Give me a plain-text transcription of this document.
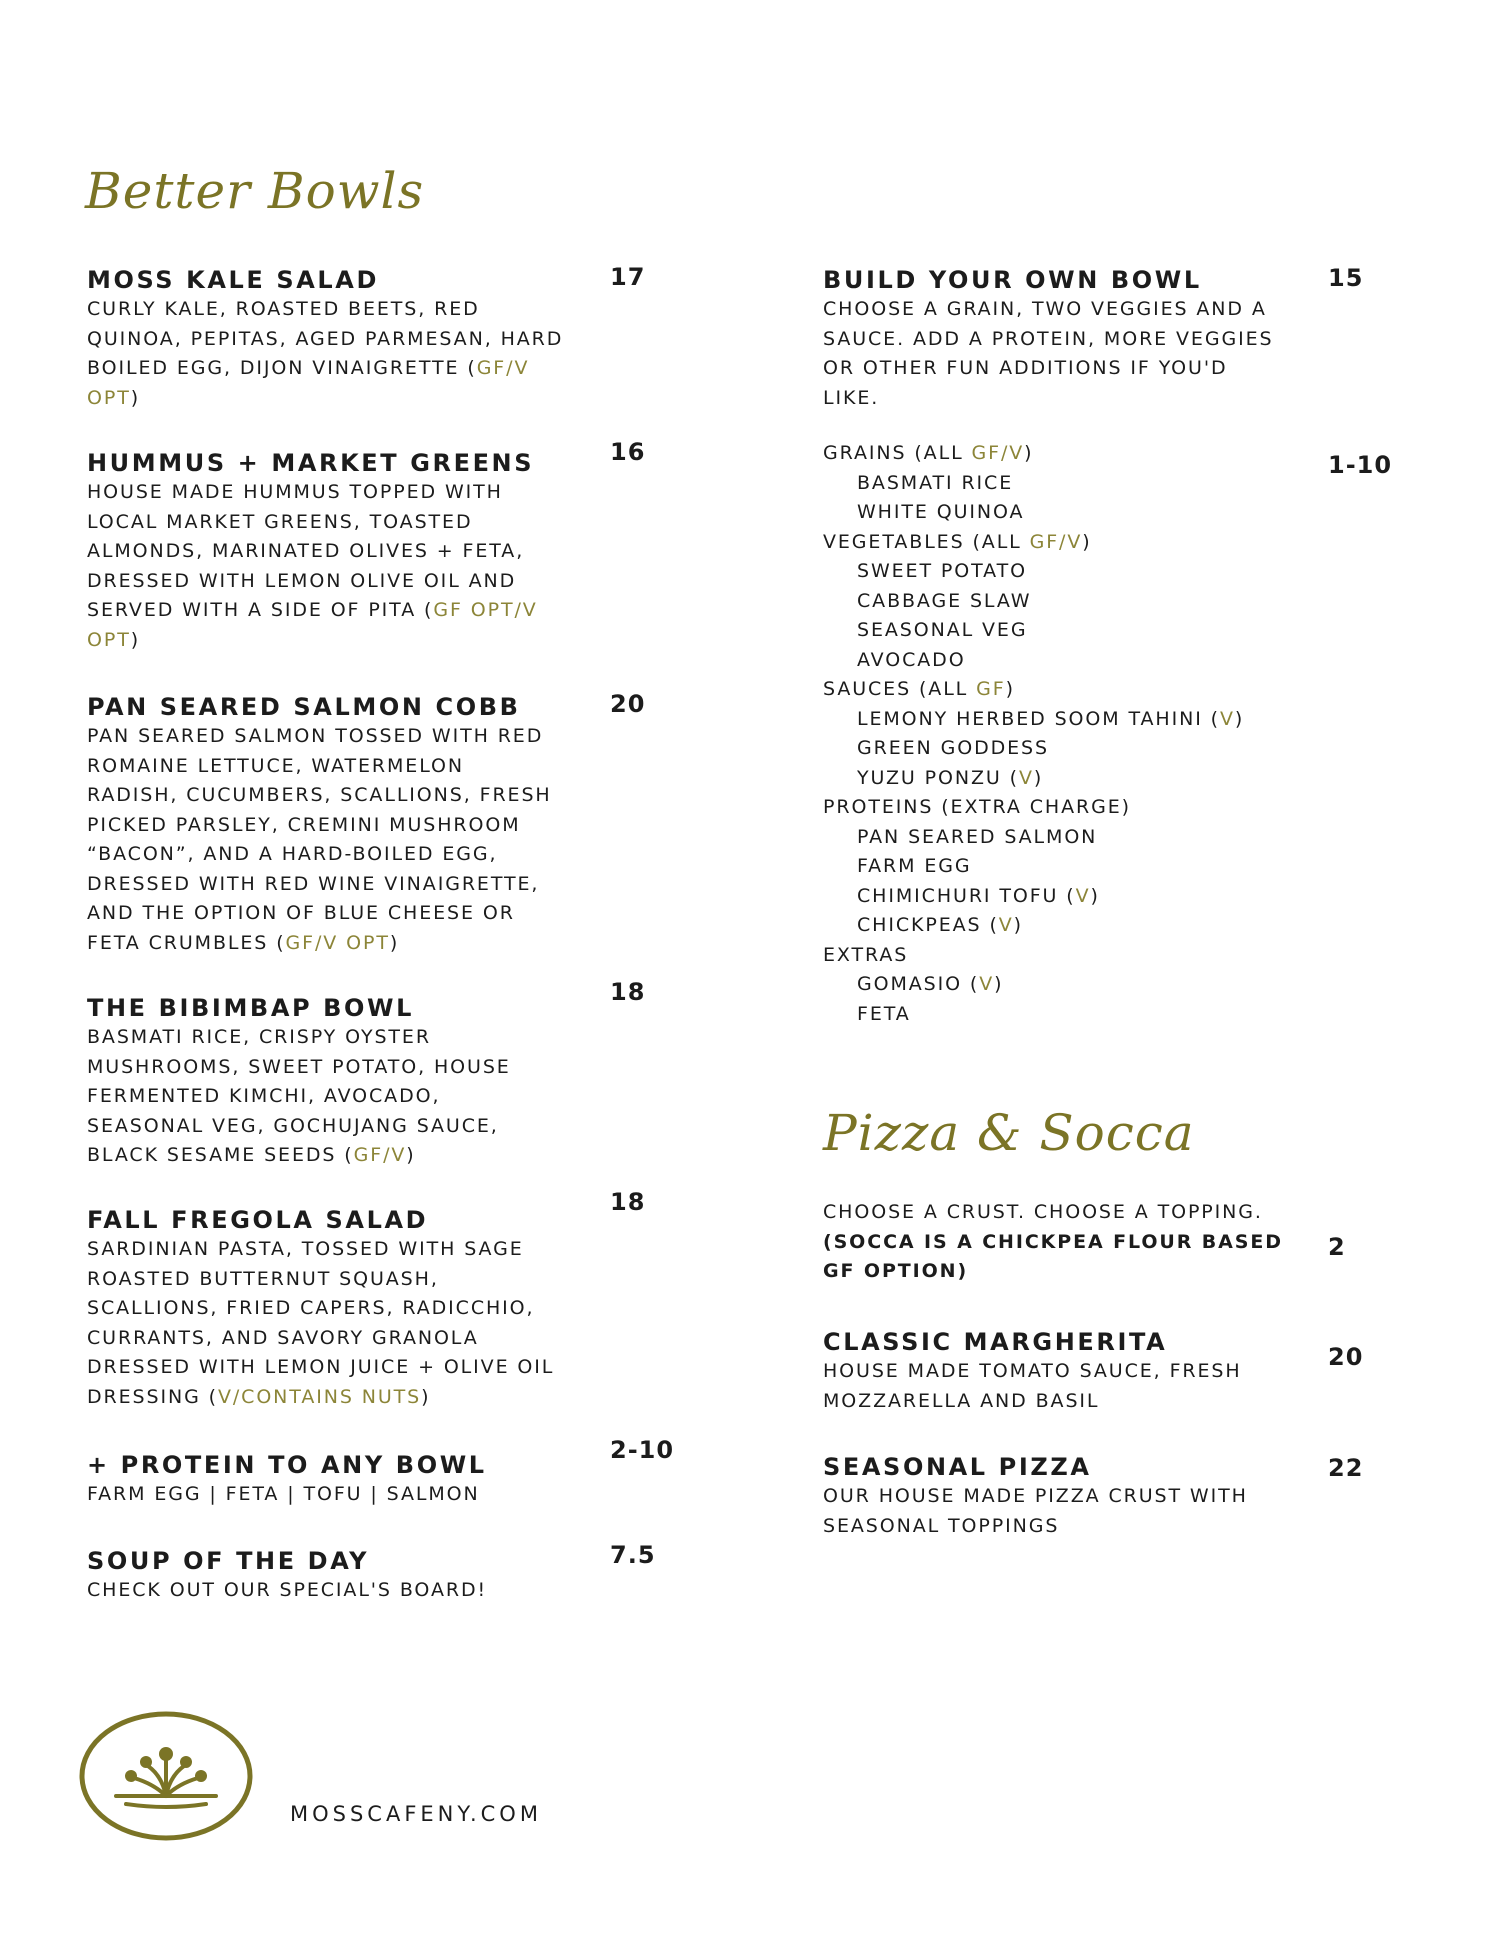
Better Bowls
Pizza & Socca
MOSS KALE SALAD
CURLY KALE, ROASTED BEETS, RED
QUINOA, PEPITAS, AGED PARMESAN, HARD
BOILED EGG, DIJON VINAIGRETTE (GF/V
OPT)
17
HUMMUS + MARKET GREENS
HOUSE MADE HUMMUS TOPPED WITH
LOCAL MARKET GREENS, TOASTED
ALMONDS, MARINATED OLIVES + FETA,
DRESSED WITH LEMON OLIVE OIL AND
SERVED WITH A SIDE OF PITA (GF OPT/V
OPT)
16
PAN SEARED SALMON COBB
PAN SEARED SALMON TOSSED WITH RED
ROMAINE LETTUCE, WATERMELON
RADISH, CUCUMBERS, SCALLIONS, FRESH
PICKED PARSLEY, CREMINI MUSHROOM
“BACON”, AND A HARD-BOILED EGG,
DRESSED WITH RED WINE VINAIGRETTE,
AND THE OPTION OF BLUE CHEESE OR
FETA CRUMBLES (GF/V OPT)
20
THE BIBIMBAP BOWL
BASMATI RICE, CRISPY OYSTER
MUSHROOMS, SWEET POTATO, HOUSE
FERMENTED KIMCHI, AVOCADO,
SEASONAL VEG, GOCHUJANG SAUCE,
BLACK SESAME SEEDS (GF/V)
18
FALL FREGOLA SALAD
SARDINIAN PASTA, TOSSED WITH SAGE
ROASTED BUTTERNUT SQUASH,
SCALLIONS, FRIED CAPERS, RADICCHIO,
CURRANTS, AND SAVORY GRANOLA
DRESSED WITH LEMON JUICE + OLIVE OIL
DRESSING (V/CONTAINS NUTS)
18
+ PROTEIN TO ANY BOWL
FARM EGG | FETA | TOFU | SALMON
2-10
SOUP OF THE DAY
CHECK OUT OUR SPECIAL'S BOARD!
7.5
BUILD YOUR OWN BOWL
CHOOSE A GRAIN, TWO VEGGIES AND A
SAUCE. ADD A PROTEIN, MORE VEGGIES
OR OTHER FUN ADDITIONS IF YOU'D
LIKE.
15
1-10
GRAINS (ALL GF/V)
BASMATI RICE
WHITE QUINOA
VEGETABLES (ALL GF/V)
SWEET POTATO
CABBAGE SLAW
SEASONAL VEG
AVOCADO
SAUCES (ALL GF)
LEMONY HERBED SOOM TAHINI (V)
GREEN GODDESS
YUZU PONZU (V)
PROTEINS (EXTRA CHARGE)
PAN SEARED SALMON
FARM EGG
CHIMICHURI TOFU (V)
CHICKPEAS (V)
EXTRAS
GOMASIO (V)
FETA
CHOOSE A CRUST. CHOOSE A TOPPING.
(SOCCA IS A CHICKPEA FLOUR BASED
GF OPTION)
2
CLASSIC MARGHERITA
HOUSE MADE TOMATO SAUCE, FRESH
MOZZARELLA AND BASIL
20
SEASONAL PIZZA
OUR HOUSE MADE PIZZA CRUST WITH
SEASONAL TOPPINGS
22
MOSSCAFENY.COM
